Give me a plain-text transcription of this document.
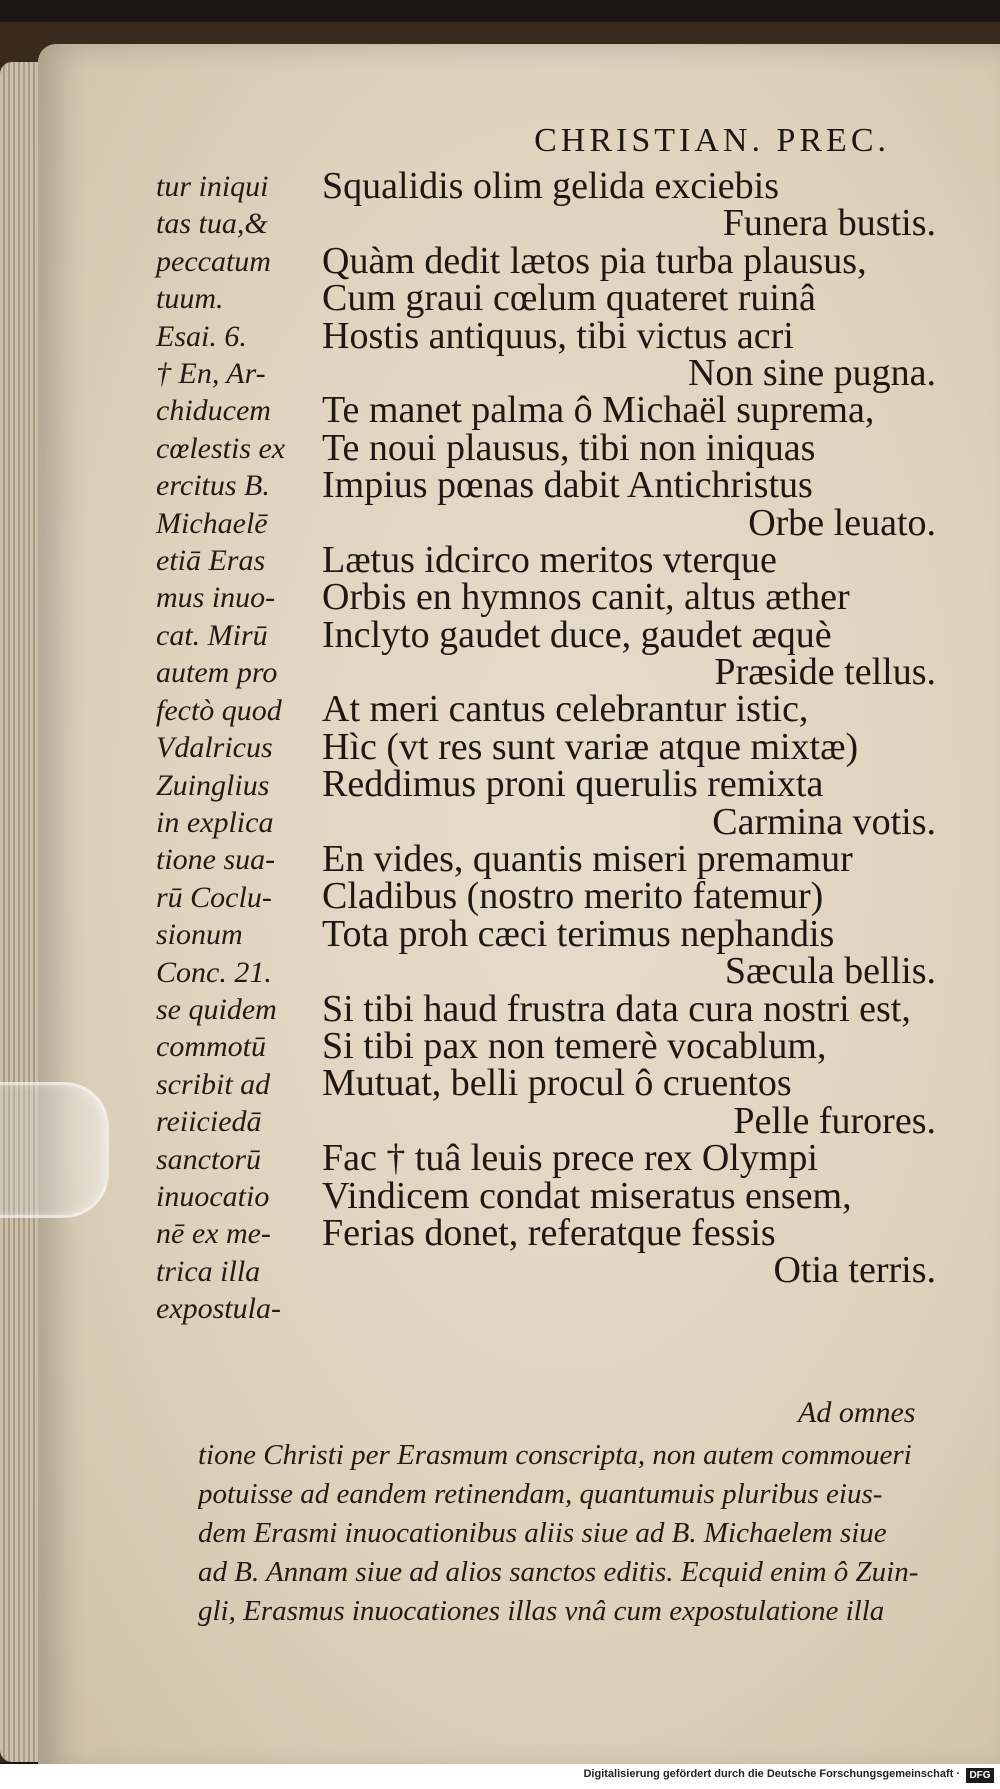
CHRISTIAN. PREC.
tur iniqui
tas tua,&
peccatum
tuum.
Esai. 6.
† En, Ar-
chiducem
cœlestis ex
ercitus B.
Michaelē
etiā Eras
mus inuo-
cat. Mirū
autem pro
fectò quod
Vdalricus
Zuinglius
in explica
tione sua-
rū Coclu-
sionum
Conc. 21.
se quidem
commotū
scribit ad
reiiciedā
sanctorū
inuocatio
nē ex me-
trica illa
expostula-
Squalidis olim gelida exciebis
Funera bustis.
Quàm dedit lætos pia turba plausus,
Cum graui cœlum quateret ruinâ
Hostis antiquus, tibi victus acri
Non sine pugna.
Te manet palma ô Michaël suprema,
Te noui plausus, tibi non iniquas
Impius pœnas dabit Antichristus
Orbe leuato.
Lætus idcirco meritos vterque
Orbis en hymnos canit, altus æther
Inclyto gaudet duce, gaudet æquè
Præside tellus.
At meri cantus celebrantur istic,
Hìc (vt res sunt variæ atque mixtæ)
Reddimus proni querulis remixta
Carmina votis.
En vides, quantis miseri premamur
Cladibus (nostro merito fatemur)
Tota proh cæci terimus nephandis
Sæcula bellis.
Si tibi haud frustra data cura nostri est,
Si tibi pax non temerè vocablum,
Mutuat, belli procul ô cruentos
Pelle furores.
Fac † tuâ leuis prece rex Olympi
Vindicem condat miseratus ensem,
Ferias donet, referatque fessis
Otia terris.
Ad omnes
tione Christi per Erasmum conscripta, non autem commoueri
potuisse ad eandem retinendam, quantumuis pluribus eius-
dem Erasmi inuocationibus aliis siue ad B. Michaelem siue
ad B. Annam siue ad alios sanctos editis. Ecquid enim ô Zuin-
gli, Erasmus inuocationes illas vnâ cum expostulatione illa
Digitalisierung gefördert durch die Deutsche Forschungsgemeinschaft · DFG
